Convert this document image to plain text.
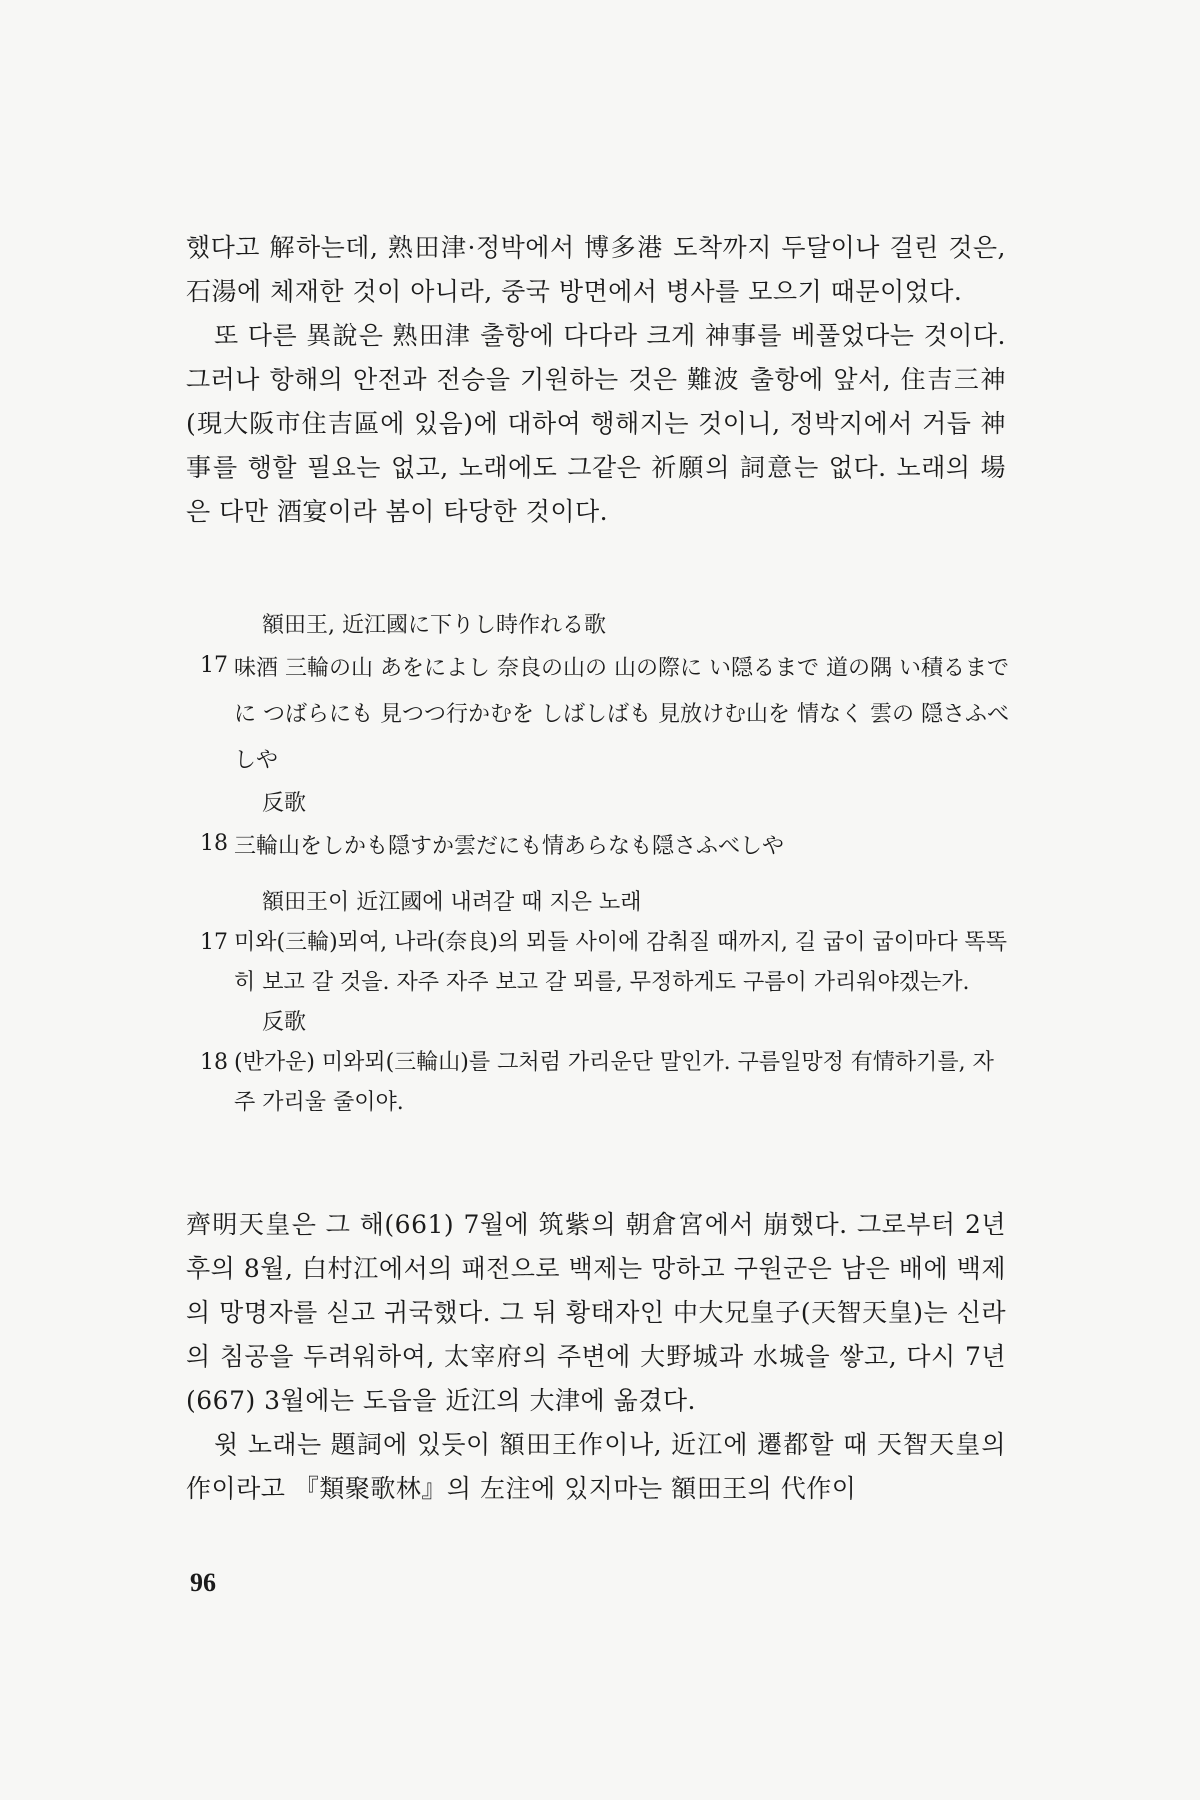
했다고 解하는데, 熟田津·정박에서 博多港 도착까지 두달이나 걸린 것은, 石湯에 체재한 것이 아니라, 중국 방면에서 병사를 모으기 때문이었다.

또 다른 異說은 熟田津 출항에 다다라 크게 神事를 베풀었다는 것이다. 그러나 항해의 안전과 전승을 기원하는 것은 難波 출항에 앞서, 住吉三神(現大阪市住吉區에 있음)에 대하여 행해지는 것이니, 정박지에서 거듭 神事를 행할 필요는 없고, 노래에도 그같은 祈願의 詞意는 없다. 노래의 場은 다만 酒宴이라 봄이 타당한 것이다.

額田王, 近江國に下りし時作れる歌

17 味酒 三輪の山 あをによし 奈良の山の 山の際に い隠るまで 道の隅 い積るまでに つばらにも 見つつ行かむを しばしばも 見放けむ山を 情なく 雲の 隠さふべしや

反歌

18 三輪山をしかも隠すか雲だにも情あらなも隠さふべしや

額田王이 近江國에 내려갈 때 지은 노래

17 미와(三輪)뫼여, 나라(奈良)의 뫼들 사이에 감춰질 때까지, 길 굽이 굽이마다 똑똑히 보고 갈 것을. 자주 자주 보고 갈 뫼를, 무정하게도 구름이 가리워야겠는가.

反歌

18 (반가운) 미와뫼(三輪山)를 그처럼 가리운단 말인가. 구름일망정 有情하기를, 자주 가리울 줄이야.

齊明天皇은 그 해(661) 7월에 筑紫의 朝倉宮에서 崩했다. 그로부터 2년 후의 8월, 白村江에서의 패전으로 백제는 망하고 구원군은 남은 배에 백제의 망명자를 싣고 귀국했다. 그 뒤 황태자인 中大兄皇子(天智天皇)는 신라의 침공을 두려워하여, 太宰府의 주변에 大野城과 水城을 쌓고, 다시 7년(667) 3월에는 도읍을 近江의 大津에 옮겼다.

윗 노래는 題詞에 있듯이 額田王作이나, 近江에 遷都할 때 天智天皇의 作이라고 『類聚歌林』의 左注에 있지마는 額田王의 代作이

96
